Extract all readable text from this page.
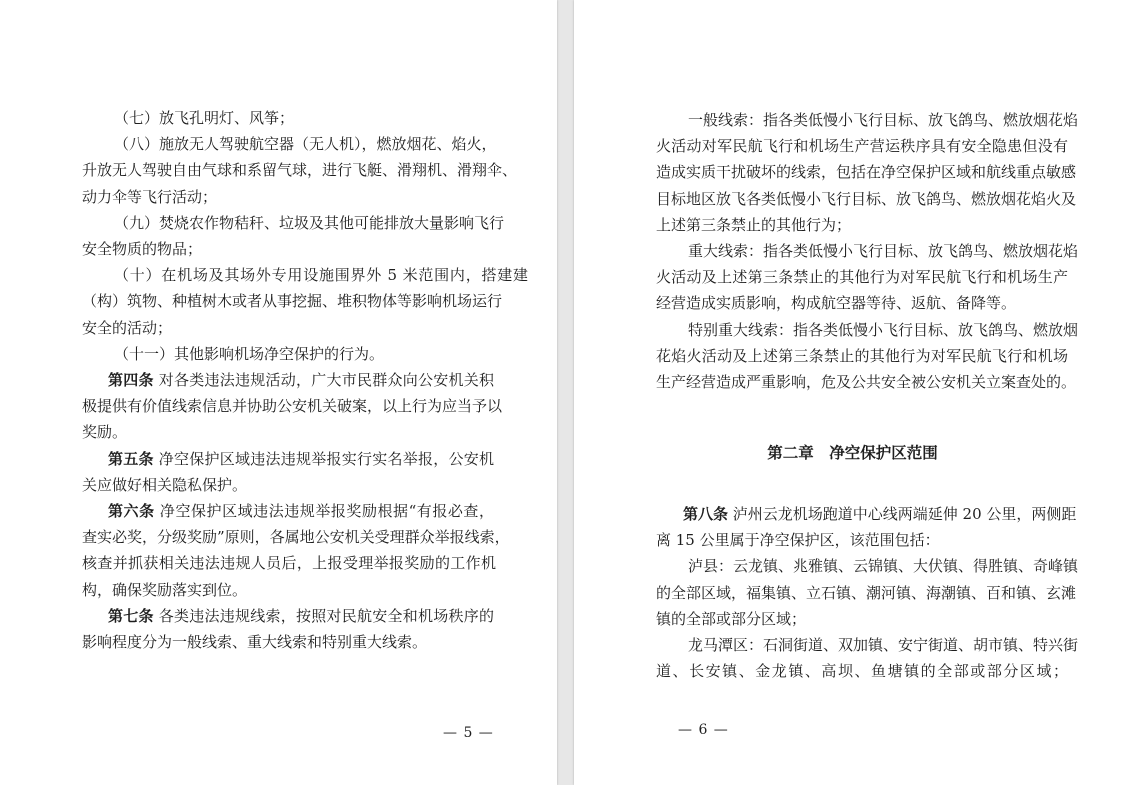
（七）放飞孔明灯、风筝；
（八）施放无人驾驶航空器（无人机），燃放烟花、焰火，
升放无人驾驶自由气球和系留气球，进行飞艇、滑翔机、滑翔伞、
动力伞等飞行活动；
（九）焚烧农作物秸秆、垃圾及其他可能排放大量影响飞行
安全物质的物品；
（十）在机场及其场外专用设施围界外 5 米范围内，搭建建
（构）筑物、种植树木或者从事挖掘、堆积物体等影响机场运行
安全的活动；
（十一）其他影响机场净空保护的行为。
第四条 对各类违法违规活动，广大市民群众向公安机关积
极提供有价值线索信息并协助公安机关破案，以上行为应当予以
奖励。
第五条 净空保护区域违法违规举报实行实名举报，公安机
关应做好相关隐私保护。
第六条 净空保护区域违法违规举报奖励根据“有报必查，
查实必奖，分级奖励”原则，各属地公安机关受理群众举报线索，
核查并抓获相关违法违规人员后，上报受理举报奖励的工作机
构，确保奖励落实到位。
第七条 各类违法违规线索，按照对民航安全和机场秩序的
影响程度分为一般线索、重大线索和特别重大线索。
— 5 —
一般线索：指各类低慢小飞行目标、放飞鸽鸟、燃放烟花焰
火活动对军民航飞行和机场生产营运秩序具有安全隐患但没有
造成实质干扰破坏的线索，包括在净空保护区域和航线重点敏感
目标地区放飞各类低慢小飞行目标、放飞鸽鸟、燃放烟花焰火及
上述第三条禁止的其他行为；
重大线索：指各类低慢小飞行目标、放飞鸽鸟、燃放烟花焰
火活动及上述第三条禁止的其他行为对军民航飞行和机场生产
经营造成实质影响，构成航空器等待、返航、备降等。
特别重大线索：指各类低慢小飞行目标、放飞鸽鸟、燃放烟
花焰火活动及上述第三条禁止的其他行为对军民航飞行和机场
生产经营造成严重影响，危及公共安全被公安机关立案查处的。
第二章　净空保护区范围
第八条 泸州云龙机场跑道中心线两端延伸 20 公里，两侧距
离 15 公里属于净空保护区，该范围包括：
泸县：云龙镇、兆雅镇、云锦镇、大伏镇、得胜镇、奇峰镇
的全部区域，福集镇、立石镇、潮河镇、海潮镇、百和镇、玄滩
镇的全部或部分区域；
龙马潭区：石洞街道、双加镇、安宁街道、胡市镇、特兴街
道、长安镇、金龙镇、高坝、鱼塘镇的全部或部分区域；
— 6 —
